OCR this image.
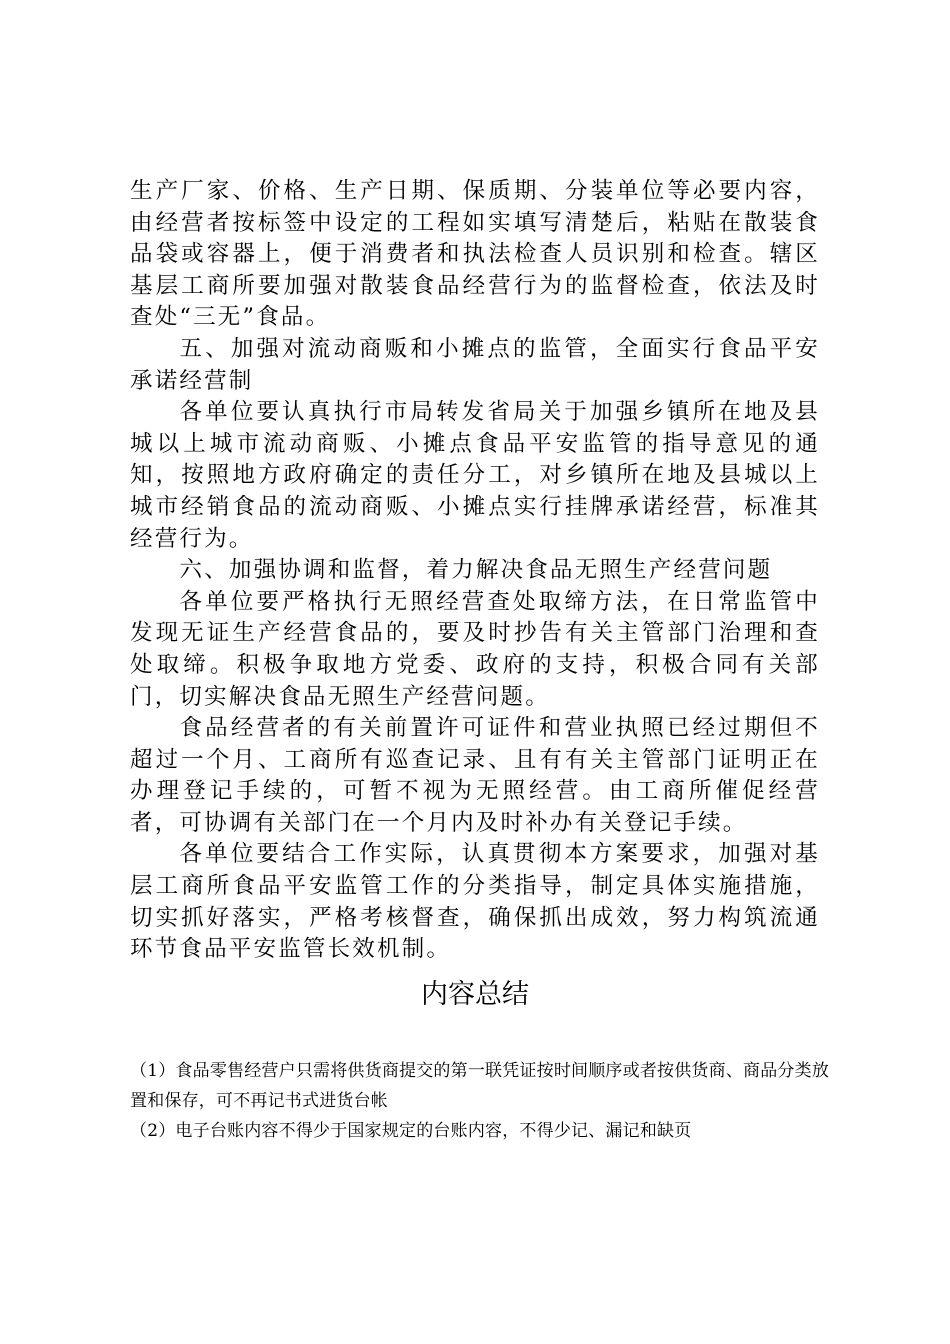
生产厂家、价格、生产日期、保质期、分装单位等必要内容，由经营者按标签中设定的工程如实填写清楚后，粘贴在散装食品袋或容器上，便于消费者和执法检查人员识别和检查。辖区基层工商所要加强对散装食品经营行为的监督检查，依法及时查处“三无”食品。

五、加强对流动商贩和小摊点的监管，全面实行食品平安承诺经营制

各单位要认真执行市局转发省局关于加强乡镇所在地及县城以上城市流动商贩、小摊点食品平安监管的指导意见的通知，按照地方政府确定的责任分工，对乡镇所在地及县城以上城市经销食品的流动商贩、小摊点实行挂牌承诺经营，标准其经营行为。

六、加强协调和监督，着力解决食品无照生产经营问题

各单位要严格执行无照经营查处取缔方法，在日常监管中发现无证生产经营食品的，要及时抄告有关主管部门治理和查处取缔。积极争取地方党委、政府的支持，积极合同有关部门，切实解决食品无照生产经营问题。

食品经营者的有关前置许可证件和营业执照已经过期但不超过一个月、工商所有巡查记录、且有有关主管部门证明正在办理登记手续的，可暂不视为无照经营。由工商所催促经营者，可协调有关部门在一个月内及时补办有关登记手续。

各单位要结合工作实际，认真贯彻本方案要求，加强对基层工商所食品平安监管工作的分类指导，制定具体实施措施，切实抓好落实，严格考核督查，确保抓出成效，努力构筑流通环节食品平安监管长效机制。

内容总结

（1）食品零售经营户只需将供货商提交的第一联凭证按时间顺序或者按供货商、商品分类放置和保存，可不再记书式进货台帐

（2）电子台账内容不得少于国家规定的台账内容，不得少记、漏记和缺页
